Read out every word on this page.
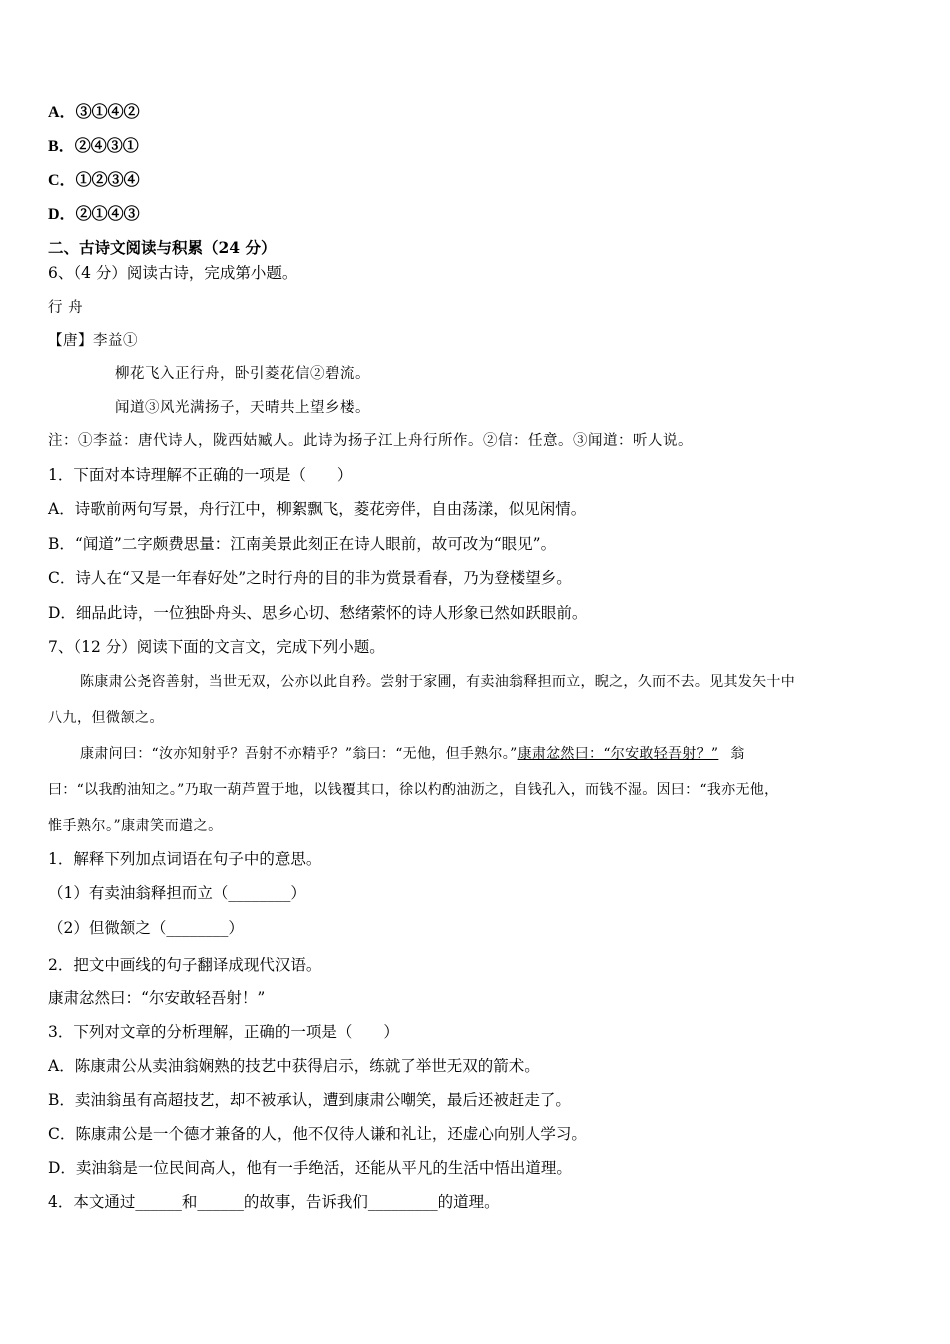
A．③①④②
B．②④③①
C．①②③④
D．②①④③
二、古诗文阅读与积累（24 分）
6、（4 分）阅读古诗，完成第小题。
行 舟
【唐】李益①
柳花飞入正行舟，卧引菱花信②碧流。
闻道③风光满扬子，天晴共上望乡楼。
注：①李益：唐代诗人，陇西姑臧人。此诗为扬子江上舟行所作。②信：任意。③闻道：听人说。
1．下面对本诗理解不正确的一项是（　　）
A．诗歌前两句写景，舟行江中，柳絮飘飞，菱花旁伴，自由荡漾，似见闲情。
B．“闻道”二字颇费思量：江南美景此刻正在诗人眼前，故可改为“眼见”。
C．诗人在“又是一年春好处”之时行舟的目的非为赏景看春，乃为登楼望乡。
D．细品此诗，一位独卧舟头、思乡心切、愁绪萦怀的诗人形象已然如跃眼前。
7、（12 分）阅读下面的文言文，完成下列小题。
陈康肃公尧咨善射，当世无双，公亦以此自矜。尝射于家圃，有卖油翁释担而立，睨之，久而不去。见其发矢十中
八九，但微颔之。
康肃问曰：“汝亦知射乎？吾射不亦精乎？”翁曰：“无他，但手熟尔。”康肃忿然曰：“尔安敢轻吾射？” 翁
曰：“以我酌油知之。”乃取一葫芦置于地，以钱覆其口，徐以杓酌油沥之，自钱孔入，而钱不湿。因曰：“我亦无他，
惟手熟尔。”康肃笑而遣之。
1．解释下列加点词语在句子中的意思。
（1）有卖油翁释担而立（________）
（2）但微颔之（________）
2．把文中画线的句子翻译成现代汉语。
康肃忿然曰：“尔安敢轻吾射！”
3．下列对文章的分析理解，正确的一项是（　　）
A．陈康肃公从卖油翁娴熟的技艺中获得启示，练就了举世无双的箭术。
B．卖油翁虽有高超技艺，却不被承认，遭到康肃公嘲笑，最后还被赶走了。
C．陈康肃公是一个德才兼备的人，他不仅待人谦和礼让，还虚心向别人学习。
D．卖油翁是一位民间高人，他有一手绝活，还能从平凡的生活中悟出道理。
4．本文通过______和______的故事，告诉我们_________的道理。
